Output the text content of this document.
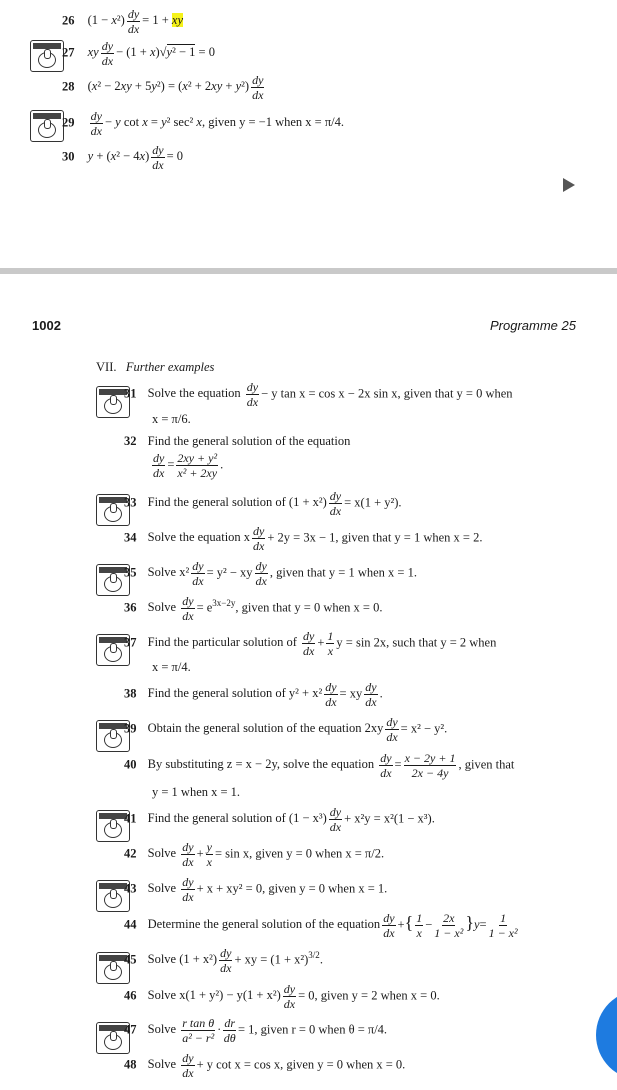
26 $(1 - x^2) \frac{dy}{dx} = 1$ + xy
27 xy $\frac{dy}{dx} - (1 + x)√y^2 - 1 = 0$
28 $(x^2 - 2xy + 5y^2) = (x^2 + 2xy + y^2) \frac{dy}{dx}$
$29 \frac{dy}{dx} - y$ cot x = y² sec² x, given y = −1 when x = π/4.
30 $y + (x^2 - 4x) \frac{dy}{dx} = 0$
1002	Programme 25
VII. Further examples
31 Solve the equation $\frac{dy}{dx} - y$ tan x = cos x − 2x sin x, given that y = 0 when
x = π/6.
32 Find the general solution of the equation
$\frac{dy}{dx} = \frac{\text{2xy + y²}}{\text{x² + 2xy}}$ .
33 Find the general solution of $(1 + x^2) \frac{dy}{dx} = x(1 + y^2)$.
34 Solve the equation x $\frac{dy}{dx} + 2y = 3x - 1$, given that y = 1 when x = 2.
35 Solve $x^2 \frac{dy}{dx} = y^2$ − xy $\frac{dy}{dx}$ , given that y = 1 when x = 1.
36 Solve $\frac{dy}{dx} = e^{3x-2y}$, given that y = 0 when x = 0.
37 Find the particular solution of $\frac{dy}{dx} + \frac{1}{x}$ y = sin 2x, such that y = 2 when
x = π/4.
38 Find the general solution of $y^2 + x^2 \frac{dy}{dx}$ = xy $\frac{dy}{dx}$ .
39 Obtain the general solution of the equation $2xy \frac{dy}{dx} = x^2 - y^2$.
40 By substituting z = x − 2y, solve the equation $\frac{dy}{dx} = \frac{x - 2y + 1}{2x - 4y}$ , given that
y = 1 when x = 1.
41 Find the general solution of $(1 - x^3) \frac{dy}{dx} + x^2y = x^2(1 - x^3)$.
42 Solve $\frac{dy}{dx} + \frac{y}{x} = \sin x$, given y = 0 when x = π/2.
43 Solve $\frac{dy}{dx} + x + xy^2 = 0$, given y = 0 when x = 1.
44 Determine the general solution of the equation $\frac{dy}{dx}$ +{ $\frac{1}{x} - \frac{2x}{\text{1 − x²}} \}y= \frac{1}{\text{1 − x²}}$
45 Solve $(1 + x^2) \frac{dy}{dx}$ + xy = $(1 + x^2)^{3/2}$.
46 Solve $x(1 + y^2) - y(1 + x^2) \frac{dy}{dx} = 0$, given y = 2 when x = 0.
47 Solve $\frac{\text{r tan θ}}{\text{a² − r²}} \cdot \frac{dr}{d\theta} = 1$, given r = 0 when θ = π/4.
48 Solve $\frac{dy}{dx} + y$ cot x = cos x, given y = 0 when x = 0.
